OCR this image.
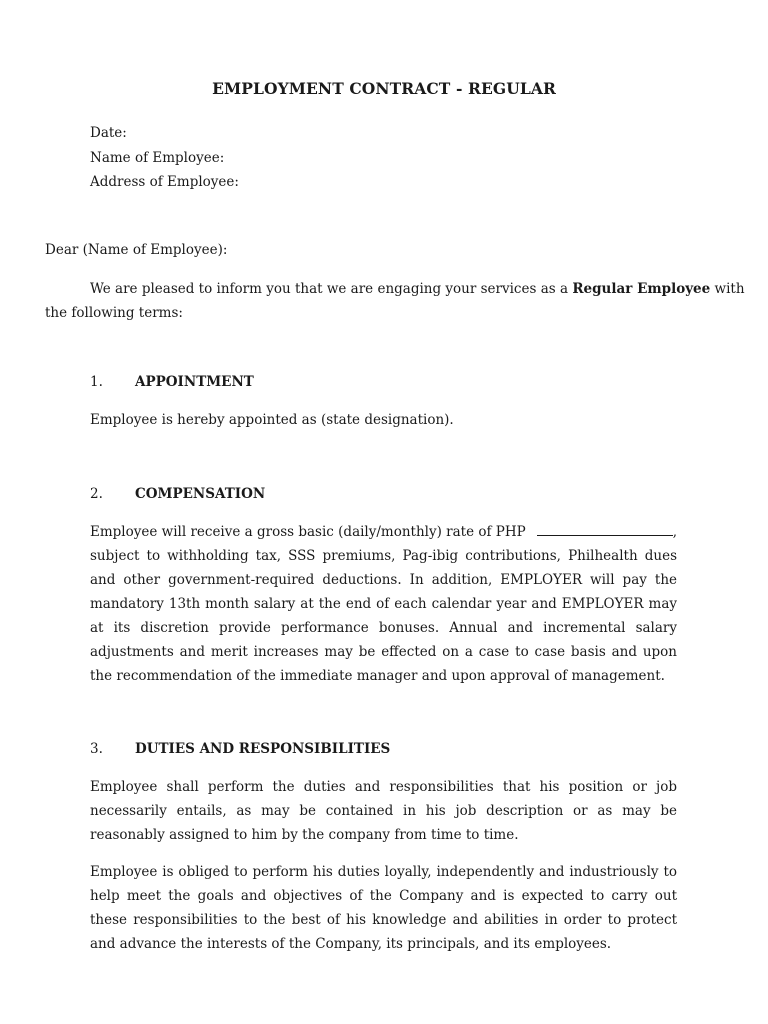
EMPLOYMENT CONTRACT - REGULAR
Date:
Name of Employee:
Address of Employee:
Dear (Name of Employee):
We are pleased to inform you that we are engaging your services as a Regular Employee with
the following terms:
1. APPOINTMENT
Employee is hereby appointed as (state designation).
2. COMPENSATION
Employee will receive a gross basic (daily/monthly) rate of PHP	,
subject to withholding tax, SSS premiums, Pag-ibig contributions, Philhealth dues and other government-required deductions. In addition, EMPLOYER will pay the mandatory 13th month salary at the end of each calendar year and EMPLOYER may at its discretion provide performance bonuses. Annual and incremental salary adjustments and merit increases may be effected on a case to case basis and upon the recommendation of the immediate manager and upon approval of management.
3. DUTIES AND RESPONSIBILITIES
Employee shall perform the duties and responsibilities that his position or job necessarily entails, as may be contained in his job description or as may be reasonably assigned to him by the company from time to time.
Employee is obliged to perform his duties loyally, independently and industriously to help meet the goals and objectives of the Company and is expected to carry out these responsibilities to the best of his knowledge and abilities in order to protect and advance the interests of the Company, its principals, and its employees.
